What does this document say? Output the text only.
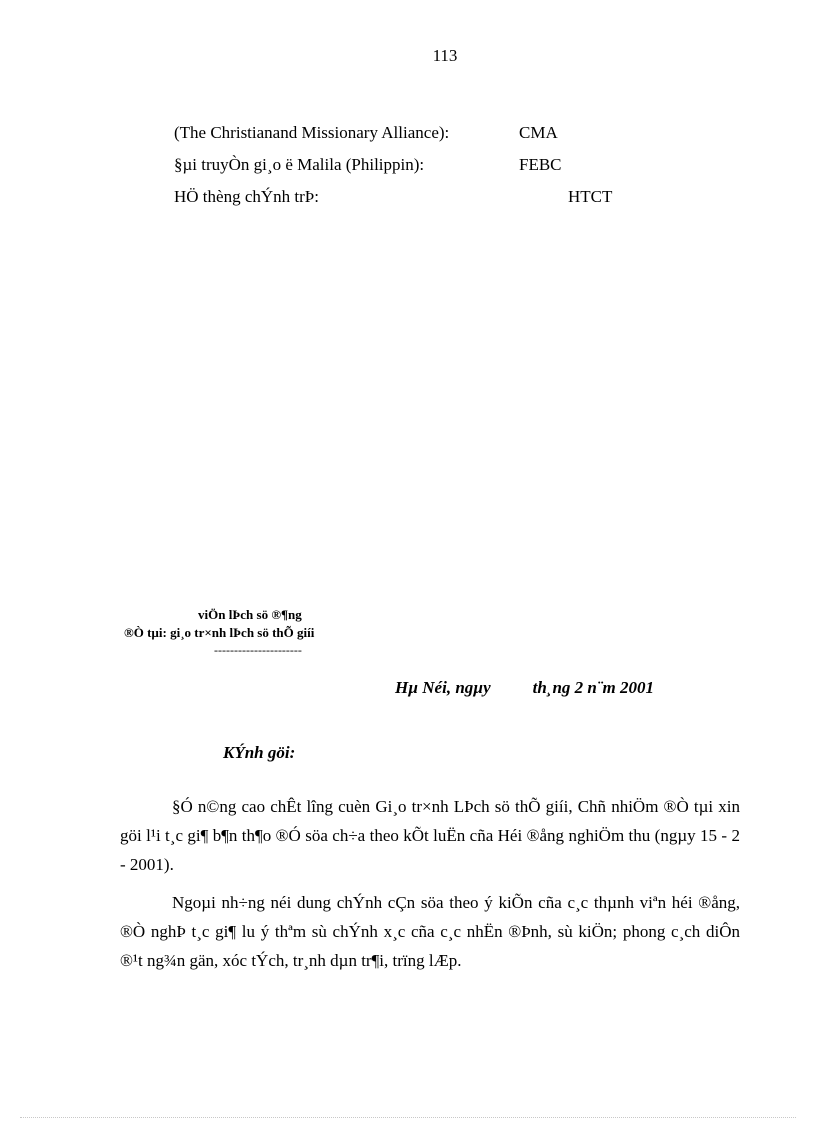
113
(The Christianand Missionary Alliance):	CMA
§µi truyÒn gi¸o ë Malila (Philippin):	FEBC
HÖ thèng chÝnh trÞ:	HTCT
viÖn lÞch sö ®¶ng
®Ò tµi: gi¸o tr×nh lÞch sö thÕ giíi
----------------------
Hµ Néi, ngµy th¸ng 2 n¨m 2001
KÝnh göi:

§Ó n©ng cao chÊt lîng cuèn Gi¸o tr×nh LÞch sö thÕ giíi, Chñ nhiÖm ®Ò tµi xin göi l¹i t¸c gi¶ b¶n th¶o ®Ó söa ch÷a theo kÕt luËn cña Héi ®ång nghiÖm thu (ngµy 15 - 2 - 2001).

Ngoµi nh÷ng néi dung chÝnh cÇn söa theo ý kiÕn cña c¸c thµnh viªn héi ®ång, ®Ò nghÞ t¸c gi¶ lu ý thªm sù chÝnh x¸c cña c¸c nhËn ®Þnh, sù kiÖn; phong c¸ch diÔn ®¹t ng¾n gän, xóc tÝch, tr¸nh dµn tr¶i, trïng lÆp.
